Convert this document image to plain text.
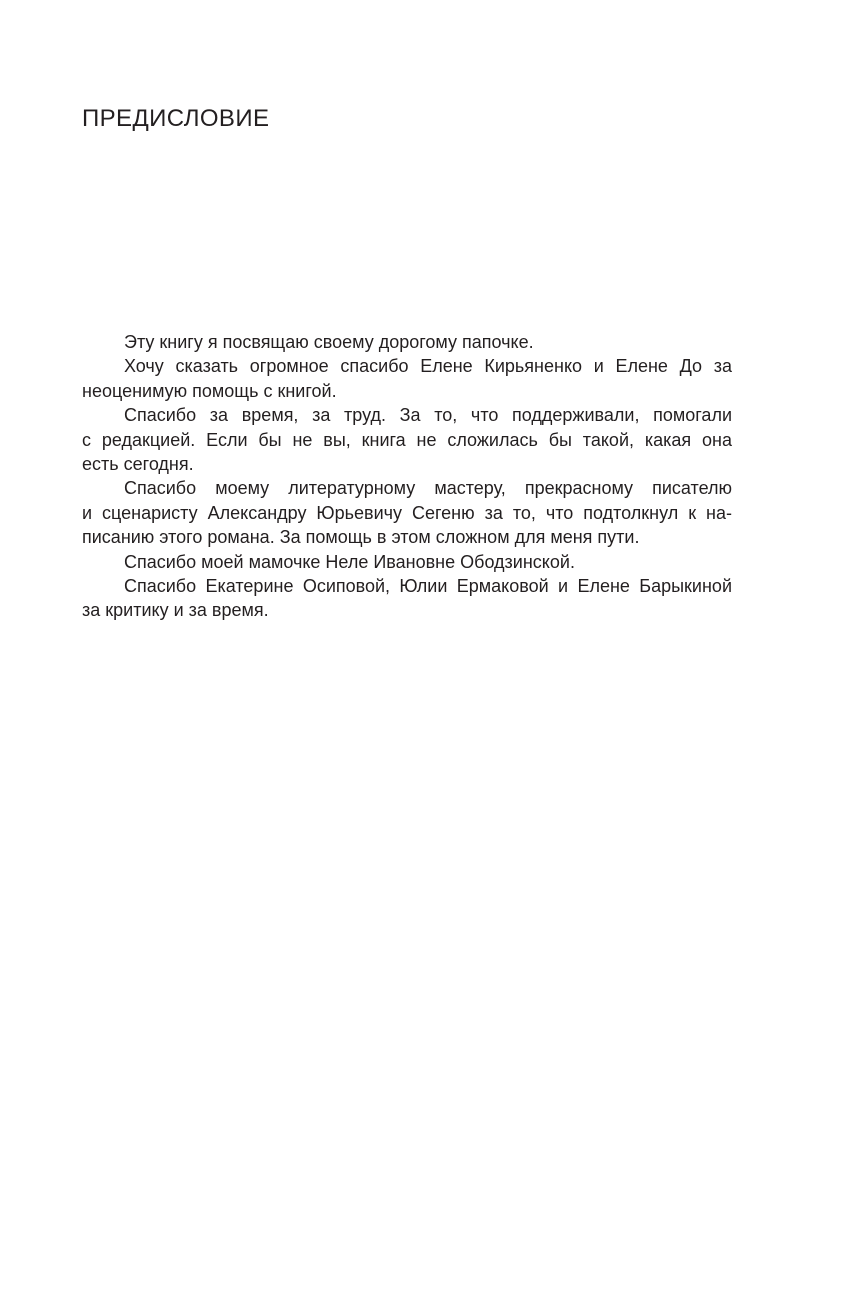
ПРЕДИСЛОВИЕ
Эту книгу я посвящаю своему дорогому папочке.
Хочу сказать огромное спасибо Елене Кирьяненко и Елене До за
неоценимую помощь с книгой.
Спасибо за время, за труд. За то, что поддерживали, помогали
с редакцией. Если бы не вы, книга не сложилась бы такой, какая она
есть сегодня.
Спасибо моему литературному мастеру, прекрасному писателю
и сценаристу Александру Юрьевичу Сегеню за то, что подтолкнул к на-
писанию этого романа. За помощь в этом сложном для меня пути.
Спасибо моей мамочке Неле Ивановне Ободзинской.
Спасибо Екатерине Осиповой, Юлии Ермаковой и Елене Барыкиной
за критику и за время.
